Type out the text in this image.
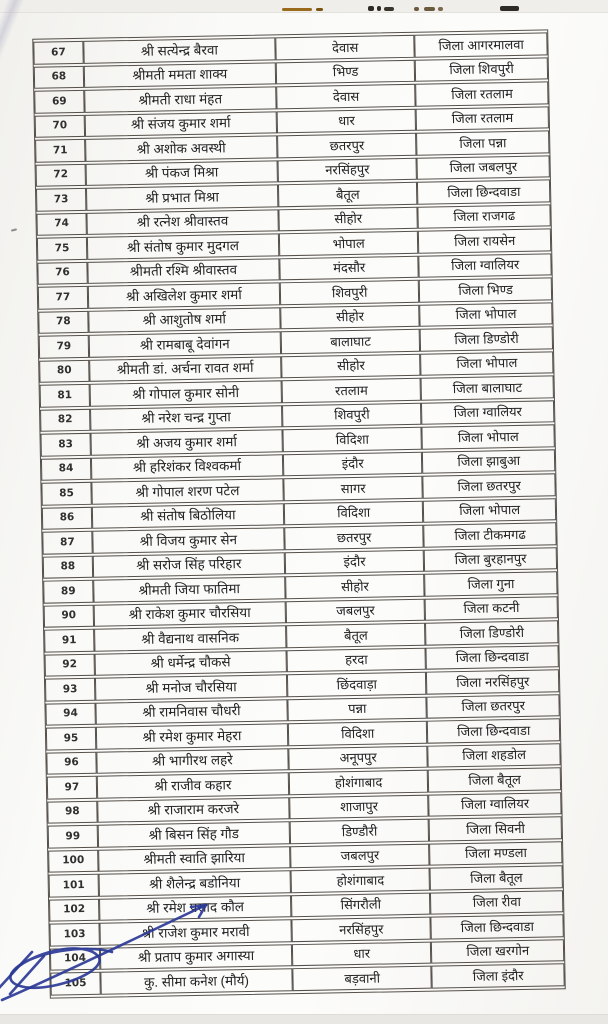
67	श्री सत्येन्द्र बैरवा	देवास	जिला आगरमालवा
68	श्रीमती ममता शाक्य	भिण्ड	जिला शिवपुरी
69	श्रीमती राधा मंहत	देवास	जिला रतलाम
70	श्री संजय कुमार शर्मा	धार	जिला रतलाम
71	श्री अशोक अवस्थी	छतरपुर	जिला पन्ना
72	श्री पंकज मिश्रा	नरसिंहपुर	जिला जबलपुर
73	श्री प्रभात मिश्रा	बैतूल	जिला छिन्दवाडा
74	श्री रत्नेश श्रीवास्तव	सीहोर	जिला राजगढ
75	श्री संतोष कुमार मुदगल	भोपाल	जिला रायसेन
76	श्रीमती रश्मि श्रीवास्तव	मंदसौर	जिला ग्वालियर
77	श्री अखिलेश कुमार शर्मा	शिवपुरी	जिला भिण्ड
78	श्री आशुतोष शर्मा	सीहोर	जिला भोपाल
79	श्री रामबाबू देवांगन	बालाघाट	जिला डिण्डोरी
80	श्रीमती डां. अर्चना रावत शर्मा	सीहोर	जिला भोपाल
81	श्री गोपाल कुमार सोनी	रतलाम	जिला बालाघाट
82	श्री नरेश चन्द्र गुप्ता	शिवपुरी	जिला ग्वालियर
83	श्री अजय कुमार शर्मा	विदिशा	जिला भोपाल
84	श्री हरिशंकर विश्वकर्मा	इंदौर	जिला झाबुआ
85	श्री गोपाल शरण पटेल	सागर	जिला छतरपुर
86	श्री संतोष बिठोलिया	विदिशा	जिला भोपाल
87	श्री विजय कुमार सेन	छतरपुर	जिला टीकमगढ
88	श्री सरोज सिंह परिहार	इंदौर	जिला बुरहानपुर
89	श्रीमती जिया फातिमा	सीहोर	जिला गुना
90	श्री राकेश कुमार चौरसिया	जबलपुर	जिला कटनी
91	श्री वैद्यनाथ वासनिक	बैतूल	जिला डिण्डोरी
92	श्री धर्मेन्द्र चौकसे	हरदा	जिला छिन्दवाडा
93	श्री मनोज चौरसिया	छिंदवाड़ा	जिला नरसिंहपुर
94	श्री रामनिवास चौधरी	पन्ना	जिला छतरपुर
95	श्री रमेश कुमार मेहरा	विदिशा	जिला छिन्दवाडा
96	श्री भागीरथ लहरे	अनूपपुर	जिला शहडोल
97	श्री राजीव कहार	होशंगाबाद	जिला बैतूल
98	श्री राजाराम करजरे	शाजापुर	जिला ग्वालियर
99	श्री बिसन सिंह गौड	डिण्डौरी	जिला सिवनी
100	श्रीमती स्वाति झारिया	जबलपुर	जिला मण्डला
101	श्री शैलेन्द्र बडोनिया	होशंगाबाद	जिला बैतूल
102	श्री रमेश प्रसाद कौल	सिंगरौली	जिला रीवा
103	श्री राजेश कुमार मरावी	नरसिंहपुर	जिला छिन्दवाडा
104	श्री प्रताप कुमार अगास्या	धार	जिला खरगोन
105	कु. सीमा कनेश (मौर्य)	बड़वानी	जिला इंदौर
